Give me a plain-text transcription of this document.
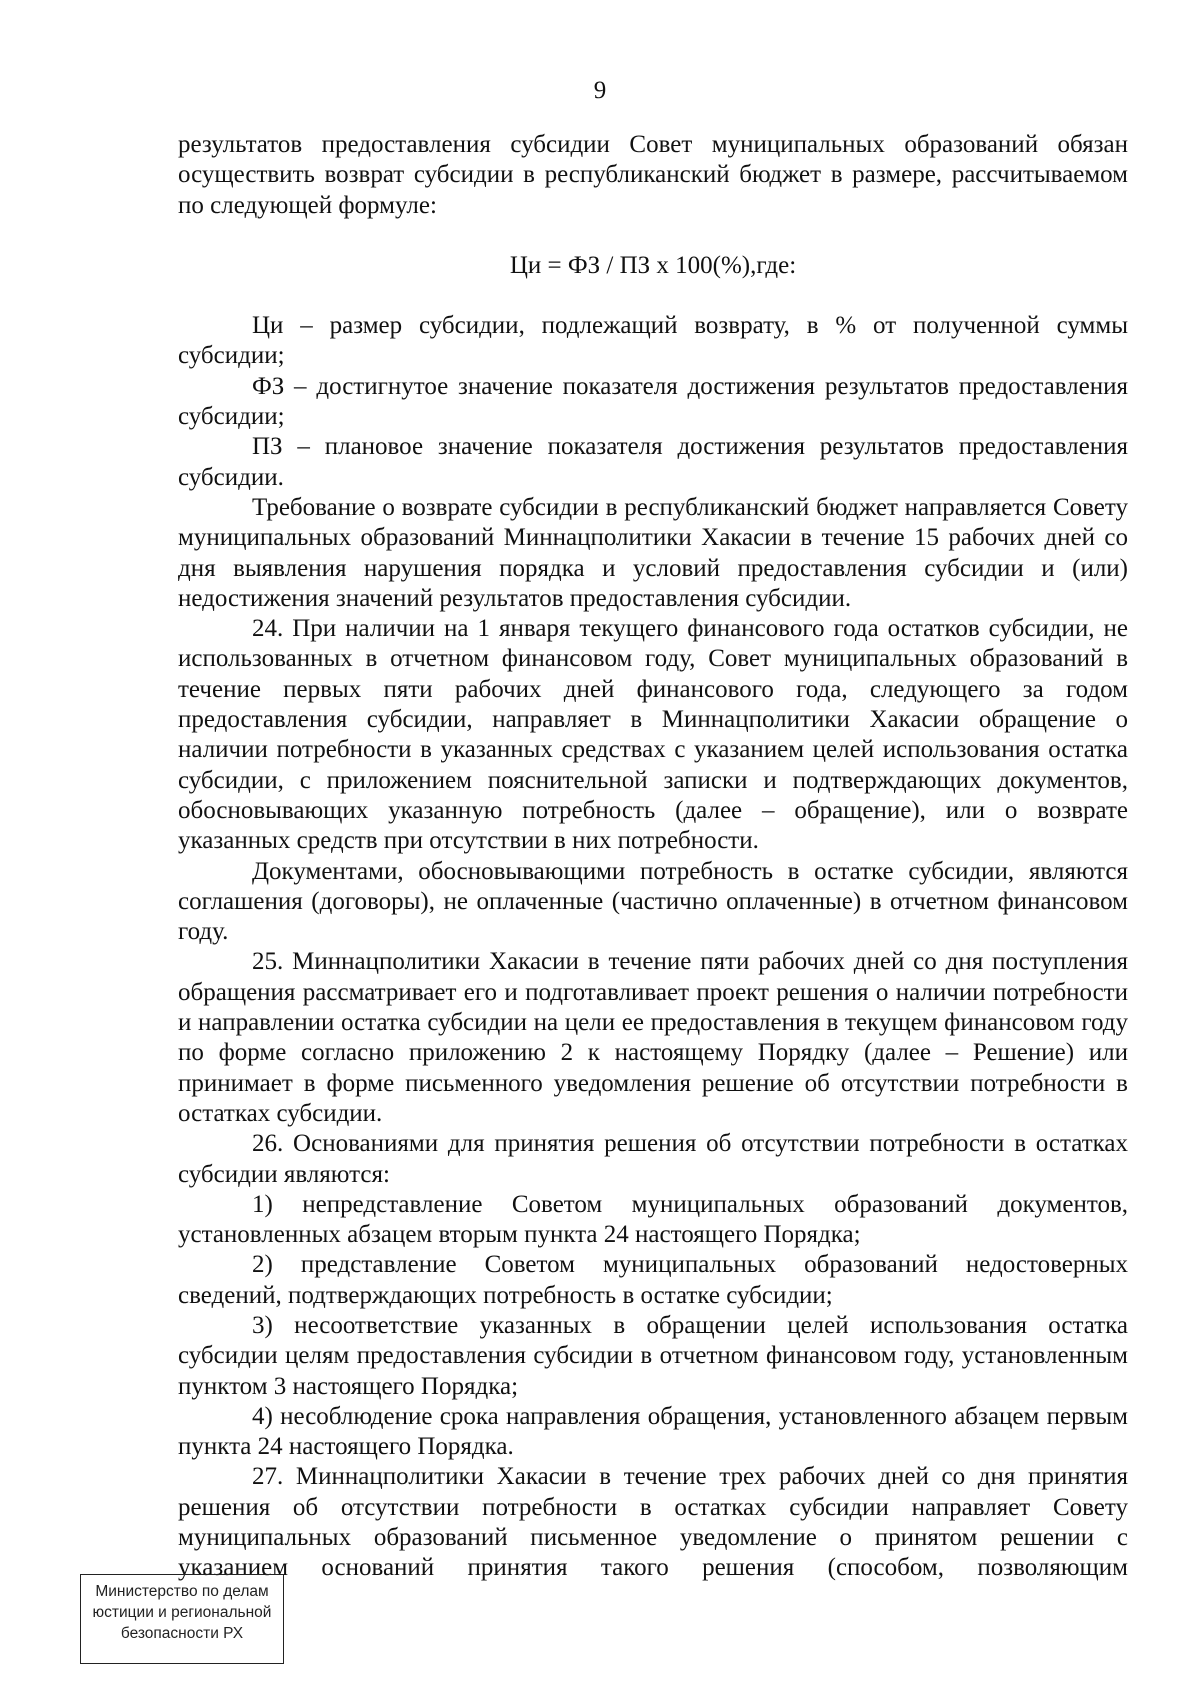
9

результатов предоставления субсидии Совет муниципальных образований обязан осуществить возврат субсидии в республиканский бюджет в размере, рассчитываемом по следующей формуле:

Ци = ФЗ / ПЗ х 100(%),где:

Ци – размер субсидии, подлежащий возврату, в % от полученной суммы субсидии;

ФЗ – достигнутое значение показателя достижения результатов предоставления субсидии;

ПЗ – плановое значение показателя достижения результатов предоставления субсидии.

Требование о возврате субсидии в республиканский бюджет направляется Совету муниципальных образований Миннацполитики Хакасии в течение 15 рабочих дней со дня выявления нарушения порядка и условий предоставления субсидии и (или) недостижения значений результатов предоставления субсидии.

24. При наличии на 1 января текущего финансового года остатков субсидии, не использованных в отчетном финансовом году, Совет муниципальных образований в течение первых пяти рабочих дней финансового года, следующего за годом предоставления субсидии, направляет в Миннацполитики Хакасии обращение о наличии потребности в указанных средствах с указанием целей использования остатка субсидии, с приложением пояснительной записки и подтверждающих документов, обосновывающих указанную потребность (далее – обращение), или о возврате указанных средств при отсутствии в них потребности.

Документами, обосновывающими потребность в остатке субсидии, являются соглашения (договоры), не оплаченные (частично оплаченные) в отчетном финансовом году.

25. Миннацполитики Хакасии в течение пяти рабочих дней со дня поступления обращения рассматривает его и подготавливает проект решения о наличии потребности и направлении остатка субсидии на цели ее предоставления в текущем финансовом году по форме согласно приложению 2 к настоящему Порядку (далее – Решение) или принимает в форме письменного уведомления решение об отсутствии потребности в остатках субсидии.

26. Основаниями для принятия решения об отсутствии потребности в остатках субсидии являются:

1) непредставление Советом муниципальных образований документов, установленных абзацем вторым пункта 24 настоящего Порядка;

2) представление Советом муниципальных образований недостоверных сведений, подтверждающих потребность в остатке субсидии;

3) несоответствие указанных в обращении целей использования остатка субсидии целям предоставления субсидии в отчетном финансовом году, установленным пунктом 3 настоящего Порядка;

4) несоблюдение срока направления обращения, установленного абзацем первым пункта 24 настоящего Порядка.

27. Миннацполитики Хакасии в течение трех рабочих дней со дня принятия решения об отсутствии потребности в остатках субсидии направляет Совету муниципальных образований письменное уведомление о принятом решении с указанием оснований принятия такого решения (способом, позволяющим

Министерство по делам
юстиции и региональной
безопасности РХ
